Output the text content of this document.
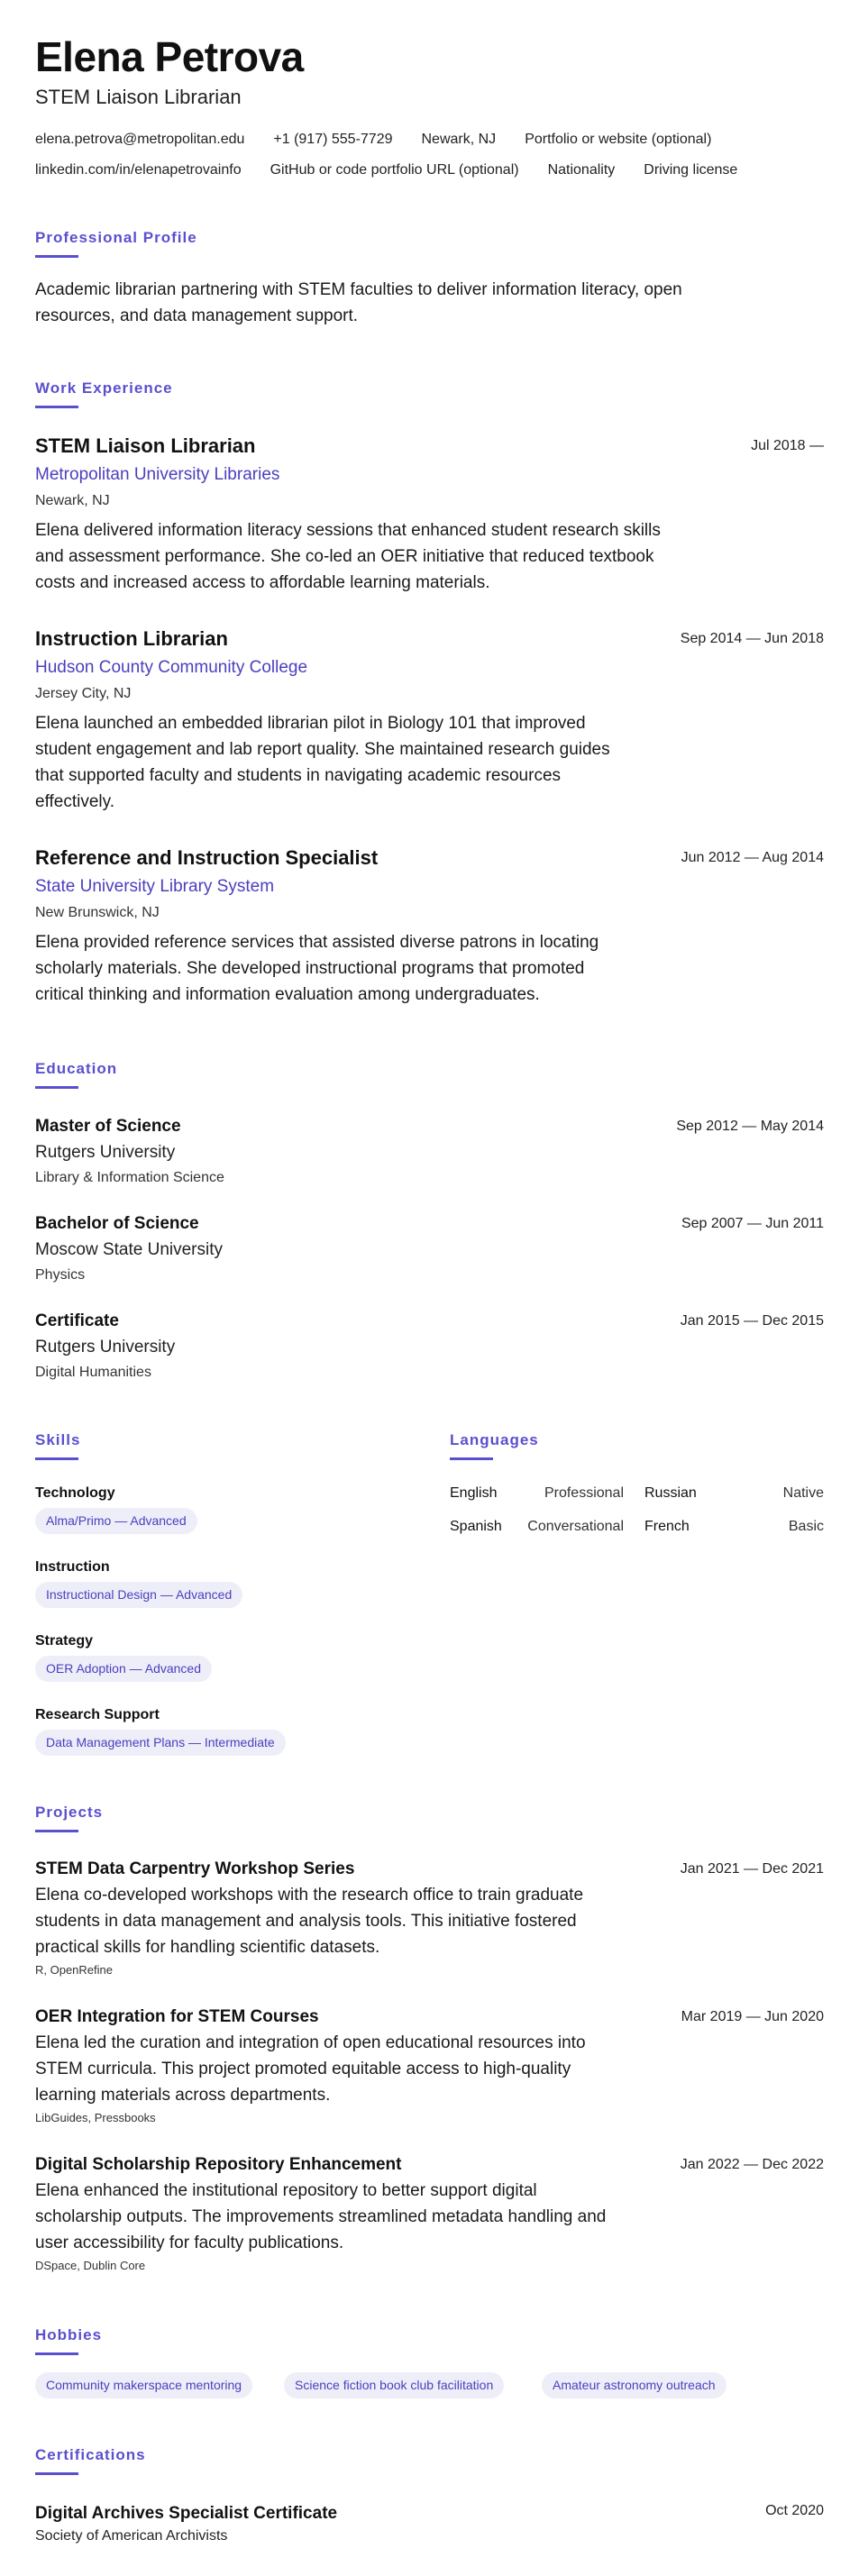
Elena Petrova
STEM Liaison Librarian
elena.petrova@metropolitan.edu +1 (917) 555-7729 Newark, NJ Portfolio or website (optional)
linkedin.com/in/elenapetrovainfo GitHub or code portfolio URL (optional) Nationality Driving license
Professional Profile
Academic librarian partnering with STEM faculties to deliver information literacy, open
resources, and data management support.
Work Experience
STEM Liaison Librarian	Jul 2018 —
Metropolitan University Libraries
Newark, NJ
Elena delivered information literacy sessions that enhanced student research skills
and assessment performance. She co-led an OER initiative that reduced textbook
costs and increased access to affordable learning materials.
Instruction Librarian	Sep 2014 — Jun 2018
Hudson County Community College
Jersey City, NJ
Elena launched an embedded librarian pilot in Biology 101 that improved
student engagement and lab report quality. She maintained research guides
that supported faculty and students in navigating academic resources
effectively.
Reference and Instruction Specialist	Jun 2012 — Aug 2014
State University Library System
New Brunswick, NJ
Elena provided reference services that assisted diverse patrons in locating
scholarly materials. She developed instructional programs that promoted
critical thinking and information evaluation among undergraduates.
Education
Master of Science	Sep 2012 — May 2014
Rutgers University
Library & Information Science
Bachelor of Science	Sep 2007 — Jun 2011
Moscow State University
Physics
Certificate	Jan 2015 — Dec 2015
Rutgers University
Digital Humanities
Skills
Technology
Alma/Primo — Advanced
Instruction
Instructional Design — Advanced
Strategy
OER Adoption — Advanced
Research Support
Data Management Plans — Intermediate
Languages
English	Professional Russian	Native
Spanish	Conversational French	Basic
Projects
STEM Data Carpentry Workshop Series	Jan 2021 — Dec 2021
Elena co-developed workshops with the research office to train graduate
students in data management and analysis tools. This initiative fostered
practical skills for handling scientific datasets.
R, OpenRefine
OER Integration for STEM Courses	Mar 2019 — Jun 2020
Elena led the curation and integration of open educational resources into
STEM curricula. This project promoted equitable access to high-quality
learning materials across departments.
LibGuides, Pressbooks
Digital Scholarship Repository Enhancement	Jan 2022 — Dec 2022
Elena enhanced the institutional repository to better support digital
scholarship outputs. The improvements streamlined metadata handling and
user accessibility for faculty publications.
DSpace, Dublin Core
Hobbies
Community makerspace mentoring	Science fiction book club facilitation	Amateur astronomy outreach
Certifications
Digital Archives Specialist Certificate	Oct 2020
Society of American Archivists
